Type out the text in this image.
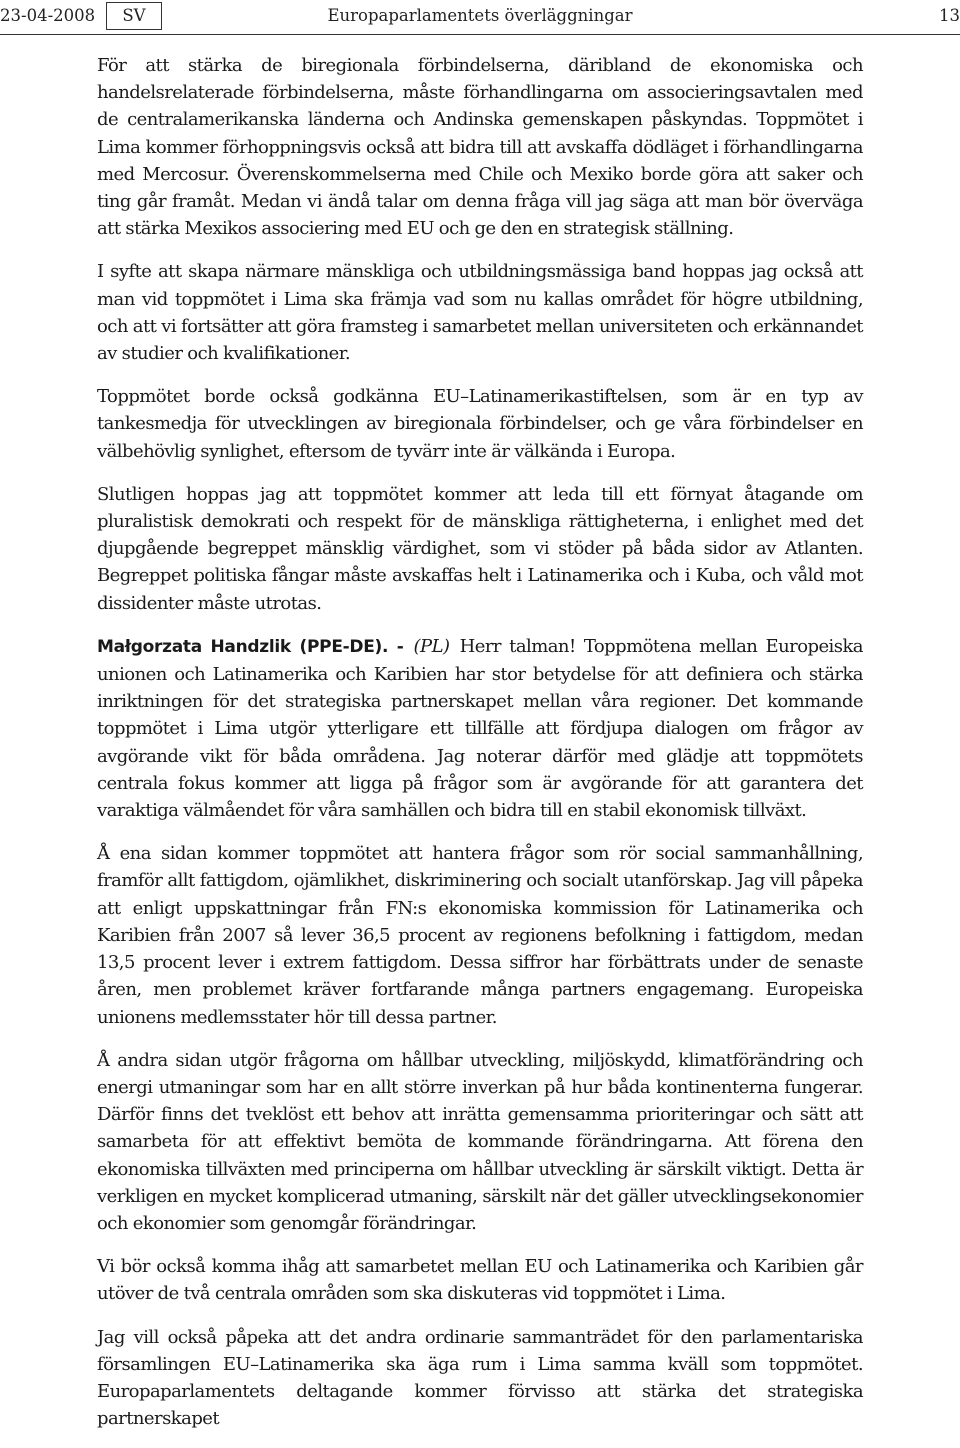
23-04-2008	SV	Europaparlamentets överläggningar	13

För att stärka de biregionala förbindelserna, däribland de ekonomiska och handelsrelaterade förbindelserna, måste förhandlingarna om associeringsavtalen med de centralamerikanska länderna och Andinska gemenskapen påskyndas. Toppmötet i Lima kommer förhoppningsvis också att bidra till att avskaffa dödläget i förhandlingarna med Mercosur. Överenskommelserna med Chile och Mexiko borde göra att saker och ting går framåt. Medan vi ändå talar om denna fråga vill jag säga att man bör överväga att stärka Mexikos associering med EU och ge den en strategisk ställning.

I syfte att skapa närmare mänskliga och utbildningsmässiga band hoppas jag också att man vid toppmötet i Lima ska främja vad som nu kallas området för högre utbildning, och att vi fortsätter att göra framsteg i samarbetet mellan universiteten och erkännandet av studier och kvalifikationer.

Toppmötet borde också godkänna EU–Latinamerikastiftelsen, som är en typ av tankesmedja för utvecklingen av biregionala förbindelser, och ge våra förbindelser en välbehövlig synlighet, eftersom de tyvärr inte är välkända i Europa.

Slutligen hoppas jag att toppmötet kommer att leda till ett förnyat åtagande om pluralistisk demokrati och respekt för de mänskliga rättigheterna, i enlighet med det djupgående begreppet mänsklig värdighet, som vi stöder på båda sidor av Atlanten. Begreppet politiska fångar måste avskaffas helt i Latinamerika och i Kuba, och våld mot dissidenter måste utrotas.

Małgorzata Handzlik (PPE-DE). - (PL) Herr talman! Toppmötena mellan Europeiska unionen och Latinamerika och Karibien har stor betydelse för att definiera och stärka inriktningen för det strategiska partnerskapet mellan våra regioner. Det kommande toppmötet i Lima utgör ytterligare ett tillfälle att fördjupa dialogen om frågor av avgörande vikt för båda områdena. Jag noterar därför med glädje att toppmötets centrala fokus kommer att ligga på frågor som är avgörande för att garantera det varaktiga välmåendet för våra samhällen och bidra till en stabil ekonomisk tillväxt.

Å ena sidan kommer toppmötet att hantera frågor som rör social sammanhållning, framför allt fattigdom, ojämlikhet, diskriminering och socialt utanförskap. Jag vill påpeka att enligt uppskattningar från FN:s ekonomiska kommission för Latinamerika och Karibien från 2007 så lever 36,5 procent av regionens befolkning i fattigdom, medan 13,5 procent lever i extrem fattigdom. Dessa siffror har förbättrats under de senaste åren, men problemet kräver fortfarande många partners engagemang. Europeiska unionens medlemsstater hör till dessa partner.

Å andra sidan utgör frågorna om hållbar utveckling, miljöskydd, klimatförändring och energi utmaningar som har en allt större inverkan på hur båda kontinenterna fungerar. Därför finns det tveklöst ett behov att inrätta gemensamma prioriteringar och sätt att samarbeta för att effektivt bemöta de kommande förändringarna. Att förena den ekonomiska tillväxten med principerna om hållbar utveckling är särskilt viktigt. Detta är verkligen en mycket komplicerad utmaning, särskilt när det gäller utvecklingsekonomier och ekonomier som genomgår förändringar.

Vi bör också komma ihåg att samarbetet mellan EU och Latinamerika och Karibien går utöver de två centrala områden som ska diskuteras vid toppmötet i Lima.

Jag vill också påpeka att det andra ordinarie sammanträdet för den parlamentariska församlingen EU–Latinamerika ska äga rum i Lima samma kväll som toppmötet. Europaparlamentets deltagande kommer förvisso att stärka det strategiska partnerskapet
